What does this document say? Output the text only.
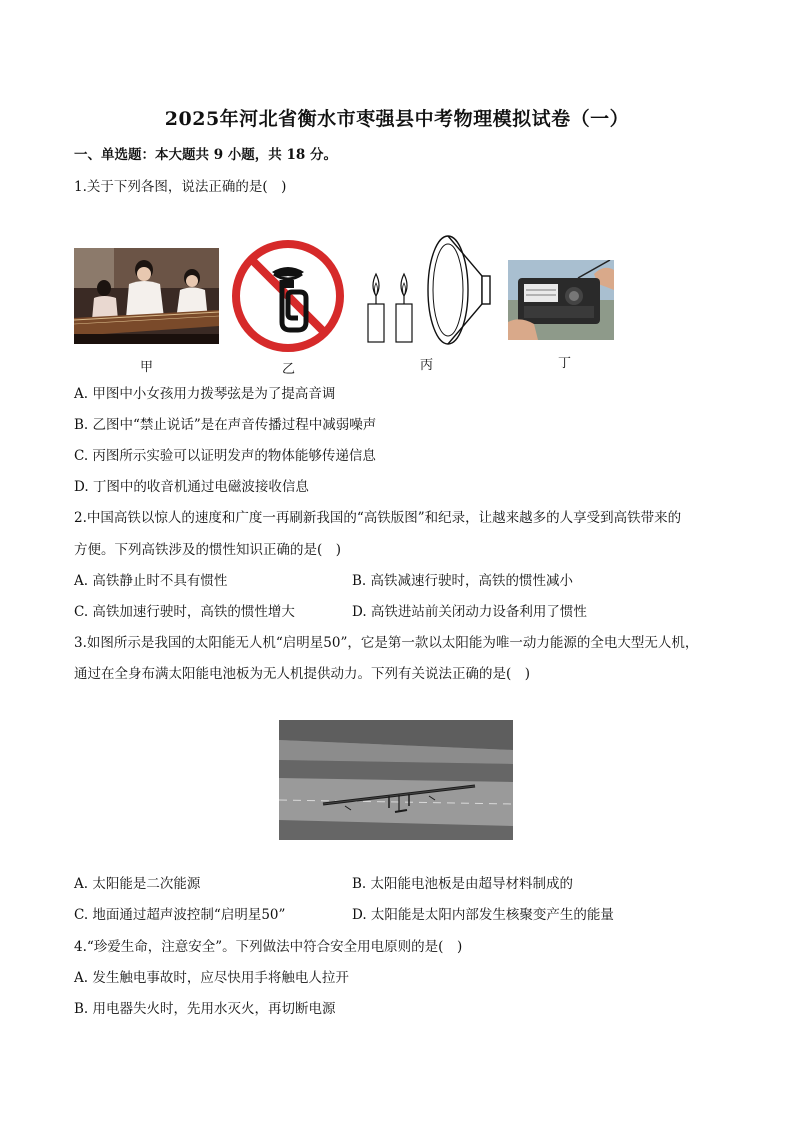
2025年河北省衡水市枣强县中考物理模拟试卷（一）
一、单选题：本大题共 9 小题，共 18 分。
1.关于下列各图，说法正确的是(　)
甲	乙	丙	丁
A. 甲图中小女孩用力拨琴弦是为了提高音调
B. 乙图中“禁止说话”是在声音传播过程中减弱噪声
C. 丙图所示实验可以证明发声的物体能够传递信息
D. 丁图中的收音机通过电磁波接收信息
2.中国高铁以惊人的速度和广度一再刷新我国的“高铁版图”和纪录，让越来越多的人享受到高铁带来的
方便。下列高铁涉及的惯性知识正确的是(　)
A. 高铁静止时不具有惯性	B. 高铁减速行驶时，高铁的惯性减小
C. 高铁加速行驶时，高铁的惯性增大	D. 高铁进站前关闭动力设备利用了惯性
3.如图所示是我国的太阳能无人机“启明星50”，它是第一款以太阳能为唯一动力能源的全电大型无人机，
通过在全身布满太阳能电池板为无人机提供动力。下列有关说法正确的是(　)
A. 太阳能是二次能源	B. 太阳能电池板是由超导材料制成的
C. 地面通过超声波控制“启明星50”	D. 太阳能是太阳内部发生核聚变产生的能量
4.“珍爱生命，注意安全”。下列做法中符合安全用电原则的是(　)
A. 发生触电事故时，应尽快用手将触电人拉开
B. 用电器失火时，先用水灭火，再切断电源
